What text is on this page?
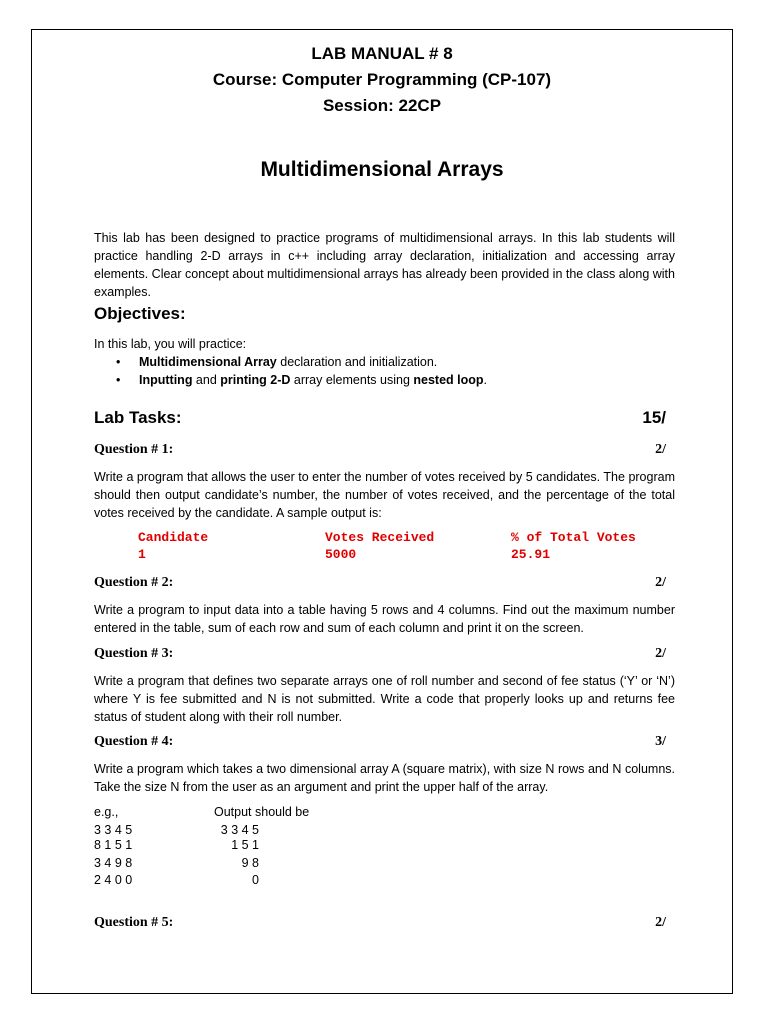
LAB MANUAL # 8
Course: Computer Programming (CP-107)
Session: 22CP
Multidimensional Arrays
This lab has been designed to practice programs of multidimensional arrays. In this lab students will practice handling 2-D arrays in c++ including array declaration, initialization and accessing array elements. Clear concept about multidimensional arrays has already been provided in the class along with examples.
Objectives:
In this lab, you will practice:
• Multidimensional Array declaration and initialization.
• Inputting and printing 2-D array elements using nested loop.
Lab Tasks:	15/
Question # 1:	2/
Write a program that allows the user to enter the number of votes received by 5 candidates. The program should then output candidate’s number, the number of votes received, and the percentage of the total votes received by the candidate. A sample output is:
Candidate	Votes Received	% of Total Votes
1	5000	25.91
Question # 2:	2/
Write a program to input data into a table having 5 rows and 4 columns. Find out the maximum number entered in the table, sum of each row and sum of each column and print it on the screen.
Question # 3:	2/
Write a program that defines two separate arrays one of roll number and second of fee status (‘Y’ or ‘N’) where Y is fee submitted and N is not submitted. Write a code that properly looks up and returns fee status of student along with their roll number.
Question # 4:	3/
Write a program which takes a two dimensional array A (square matrix), with size N rows and N columns. Take the size N from the user as an argument and print the upper half of the array.
e.g.,	Output should be
3 3 4 5
8 1 5 1
3 4 9 8
2 4 0 0
3 3 4 5
1 5 1
9 8
0
Question # 5:	2/
